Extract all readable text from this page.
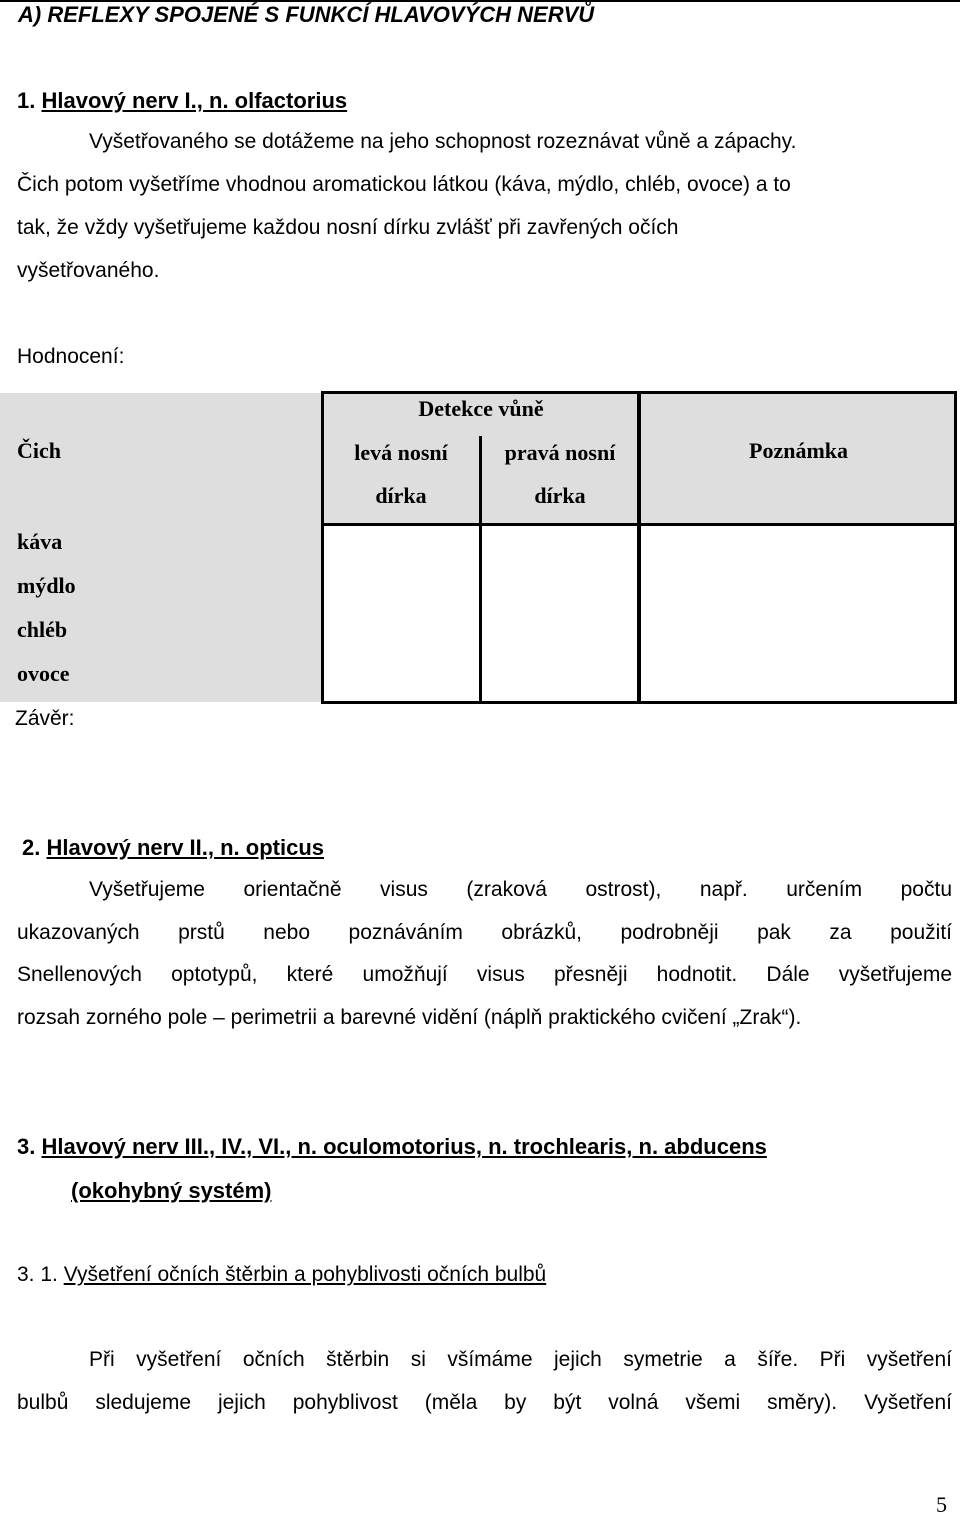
A) REFLEXY SPOJENÉ S FUNKCÍ HLAVOVÝCH NERVŮ
1. Hlavový nerv I., n. olfactorius
Vyšetřovaného se dotážeme na jeho schopnost rozeznávat vůně a zápachy.
Čich potom vyšetříme vhodnou aromatickou látkou (káva, mýdlo, chléb, ovoce) a to
tak, že vždy vyšetřujeme každou nosní dírku zvlášť při zavřených očích
vyšetřovaného.
Hodnocení:
Čich
Detekce vůně
levá nosní
dírka
pravá nosní
dírka
Poznámka
káva
mýdlo
chléb
ovoce
Závěr:
2. Hlavový nerv II., n. opticus
Vyšetřujeme orientačně visus (zraková ostrost), např. určením počtu
ukazovaných prstů nebo poznáváním obrázků, podrobněji pak za použití
Snellenových optotypů, které umožňují visus přesněji hodnotit. Dále vyšetřujeme
rozsah zorného pole – perimetrii a barevné vidění (náplň praktického cvičení „Zrak“).
3. Hlavový nerv III., IV., VI., n. oculomotorius, n. trochlearis, n. abducens
(okohybný systém)
3. 1. Vyšetření očních štěrbin a pohyblivosti očních bulbů
Při vyšetření očních štěrbin si všímáme jejich symetrie a šíře. Při vyšetření
bulbů sledujeme jejich pohyblivost (měla by být volná všemi směry). Vyšetření
5
